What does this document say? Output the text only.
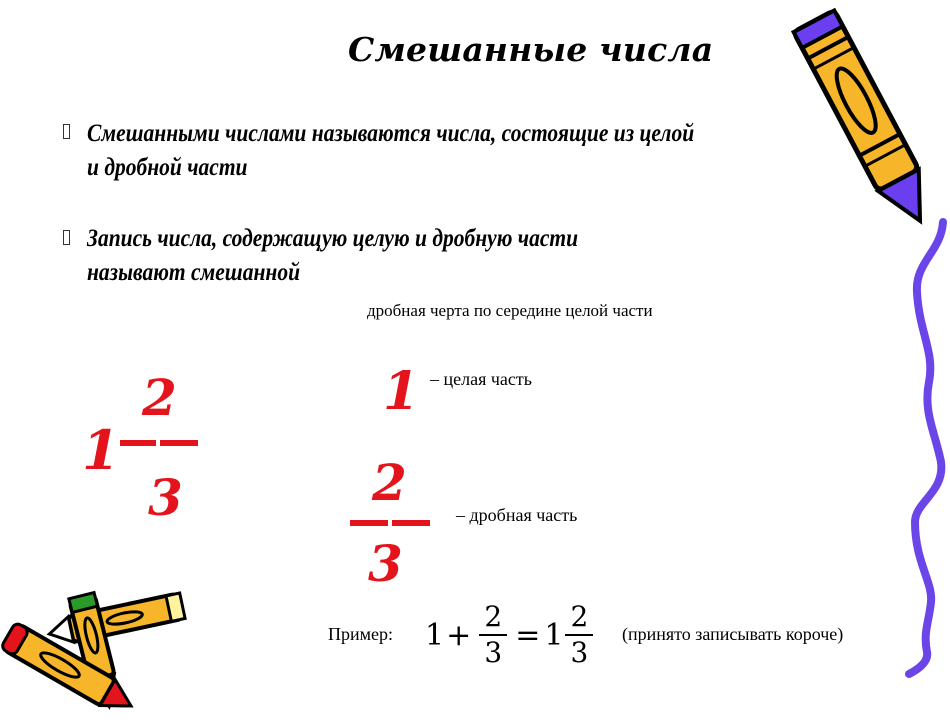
Смешанные числа
Смешанными числами называются числа, состоящие из целой
и дробной части
Запись числа, содержащую целую и дробную части
называют смешанной
дробная черта по середине целой части
1
2
3
1 – целая часть
2
3
– дробная часть
Пример: $1 + \frac{2}{3} = 1 \frac{2}{3}$ (принято записывать короче)
